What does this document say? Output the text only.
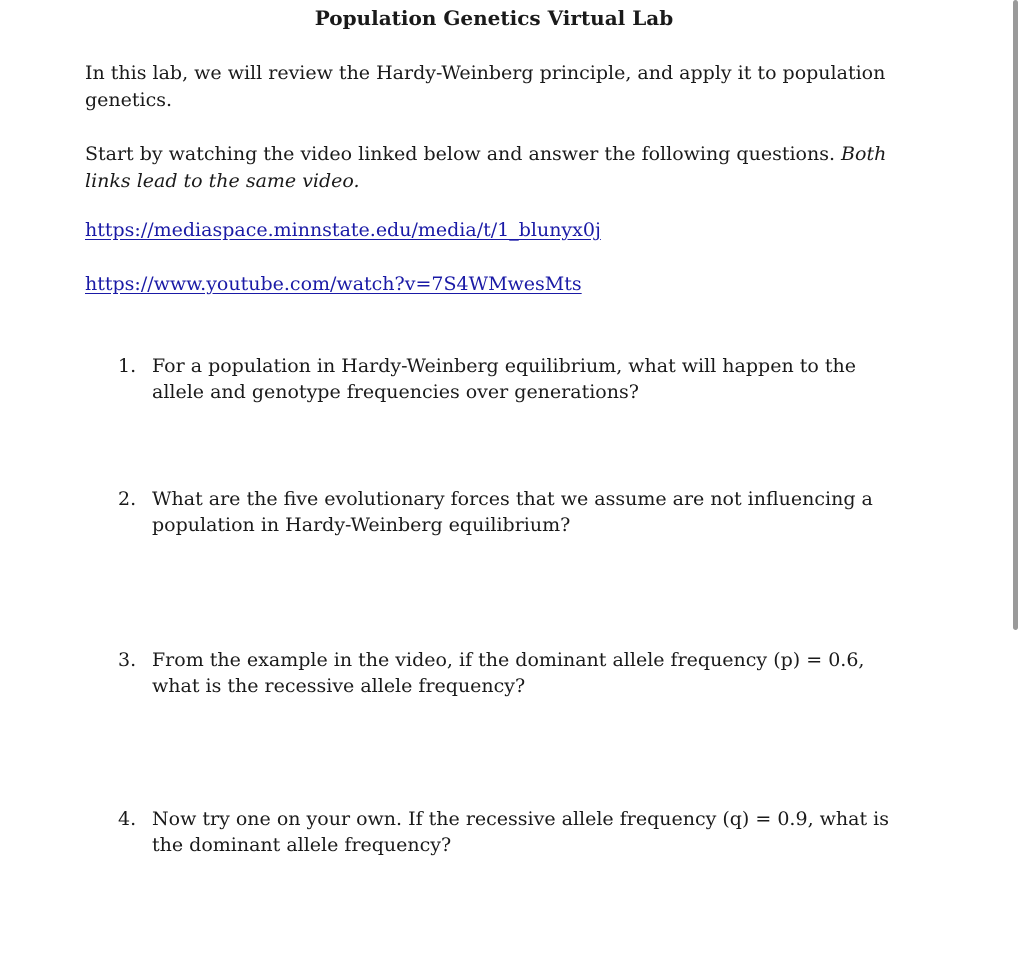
Population Genetics Virtual Lab

In this lab, we will review the Hardy-Weinberg principle, and apply it to population genetics.

Start by watching the video linked below and answer the following questions. Both links lead to the same video.

https://mediaspace.minnstate.edu/media/t/1_blunyx0j
https://www.youtube.com/watch?v=7S4WMwesMts
1. For a population in Hardy-Weinberg equilibrium, what will happen to the allele and genotype frequencies over generations?
2. What are the five evolutionary forces that we assume are not influencing a population in Hardy-Weinberg equilibrium?
3. From the example in the video, if the dominant allele frequency (p) = 0.6, what is the recessive allele frequency?
4. Now try one on your own. If the recessive allele frequency (q) = 0.9, what is the dominant allele frequency?
